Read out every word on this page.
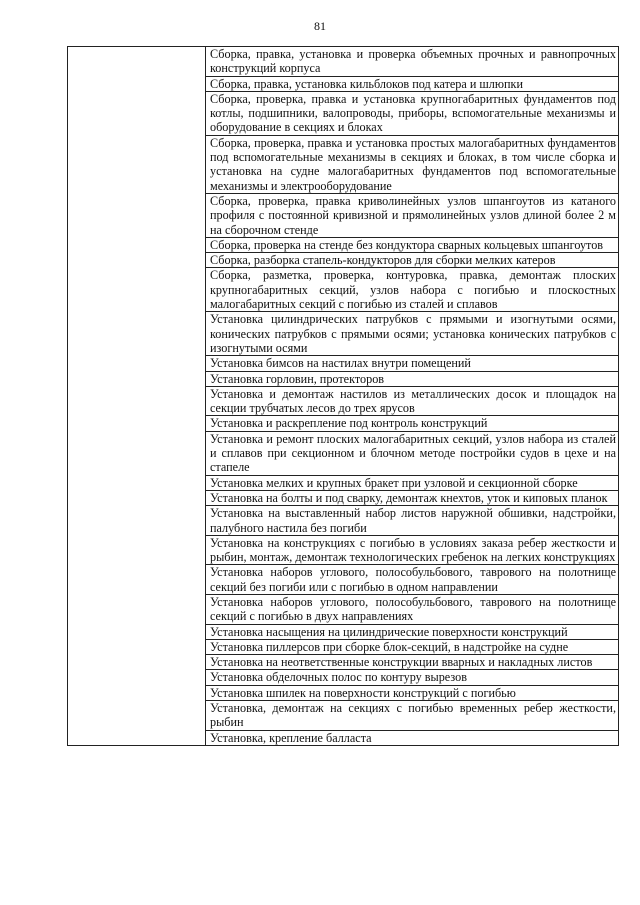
81
	Сборка, правка, установка и проверка объемных прочных и равнопрочных конструкций корпуса
Сборка, правка, установка кильблоков под катера и шлюпки
Сборка, проверка, правка и установка крупногабаритных фундаментов под котлы, подшипники, валопроводы, приборы, вспомогательные механизмы и оборудование в секциях и блоках
Сборка, проверка, правка и установка простых малогабаритных фундаментов под вспомогательные механизмы в секциях и блоках, в том числе сборка и установка на судне малогабаритных фундаментов под вспомогательные механизмы и электрооборудование
Сборка, проверка, правка криволинейных узлов шпангоутов из катаного профиля с постоянной кривизной и прямолинейных узлов длиной более 2 м на сборочном стенде
Сборка, проверка на стенде без кондуктора сварных кольцевых шпангоутов
Сборка, разборка стапель-кондукторов для сборки мелких катеров
Сборка, разметка, проверка, контуровка, правка, демонтаж плоских крупногабаритных секций, узлов набора с погибью и плоскостных малогабаритных секций с погибью из сталей и сплавов
Установка цилиндрических патрубков с прямыми и изогнутыми осями, конических патрубков с прямыми осями; установка конических патрубков с изогнутыми осями
Установка бимсов на настилах внутри помещений
Установка горловин, протекторов
Установка и демонтаж настилов из металлических досок и площадок на секции трубчатых лесов до трех ярусов
Установка и раскрепление под контроль конструкций
Установка и ремонт плоских малогабаритных секций, узлов набора из сталей и сплавов при секционном и блочном методе постройки судов в цехе и на стапеле
Установка мелких и крупных бракет при узловой и секционной сборке
Установка на болты и под сварку, демонтаж кнехтов, уток и киповых планок
Установка на выставленный набор листов наружной обшивки, надстройки, палубного настила без погиби
Установка на конструкциях с погибью в условиях заказа ребер жесткости и рыбин, монтаж, демонтаж технологических гребенок на легких конструкциях
Установка наборов углового, полособульбового, таврового на полотнище секций без погиби или с погибью в одном направлении
Установка наборов углового, полособульбового, таврового на полотнище секций с погибью в двух направлениях
Установка насыщения на цилиндрические поверхности конструкций
Установка пиллерсов при сборке блок-секций, в надстройке на судне
Установка на неответственные конструкции вварных и накладных листов
Установка обделочных полос по контуру вырезов
Установка шпилек на поверхности конструкций с погибью
Установка, демонтаж на секциях с погибью временных ребер жесткости, рыбин
Установка, крепление балласта
